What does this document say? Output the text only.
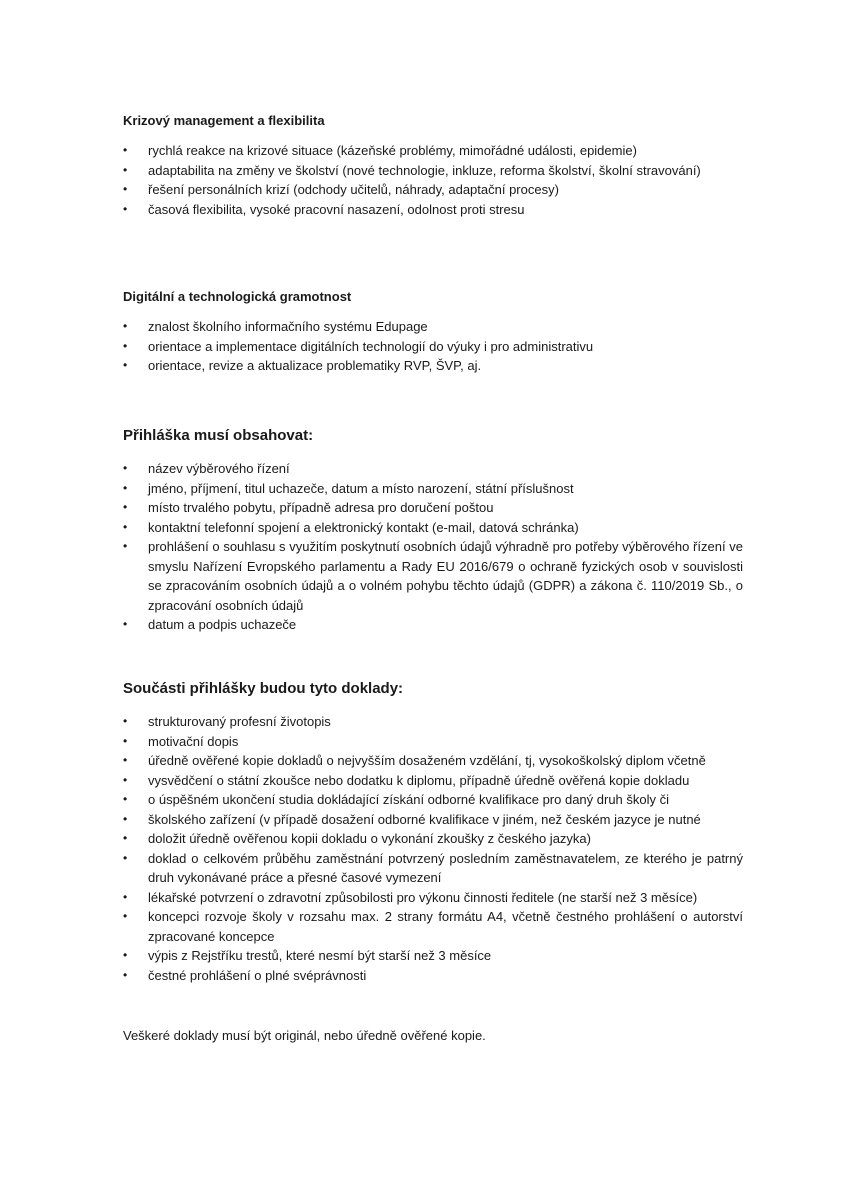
Krizový management a flexibilita
• rychlá reakce na krizové situace (kázeňské problémy, mimořádné události, epidemie)
• adaptabilita na změny ve školství (nové technologie, inkluze, reforma školství, školní stravování)
• řešení personálních krizí (odchody učitelů, náhrady, adaptační procesy)
• časová flexibilita, vysoké pracovní nasazení, odolnost proti stresu
Digitální a technologická gramotnost
• znalost školního informačního systému Edupage
• orientace a implementace digitálních technologií do výuky i pro administrativu
• orientace, revize a aktualizace problematiky RVP, ŠVP, aj.
Přihláška musí obsahovat:
• název výběrového řízení
• jméno, příjmení, titul uchazeče, datum a místo narození, státní příslušnost
• místo trvalého pobytu, případně adresa pro doručení poštou
• kontaktní telefonní spojení a elektronický kontakt (e-mail, datová schránka)
• prohlášení o souhlasu s využitím poskytnutí osobních údajů výhradně pro potřeby výběrového řízení ve smyslu Nařízení Evropského parlamentu a Rady EU 2016/679 o ochraně fyzických osob v souvislosti se zpracováním osobních údajů a o volném pohybu těchto údajů (GDPR) a zákona č. 110/2019 Sb., o zpracování osobních údajů
• datum a podpis uchazeče
Součásti přihlášky budou tyto doklady:
• strukturovaný profesní životopis
• motivační dopis
• úředně ověřené kopie dokladů o nejvyšším dosaženém vzdělání, tj, vysokoškolský diplom včetně
• vysvědčení o státní zkoušce nebo dodatku k diplomu, případně úředně ověřená kopie dokladu
• o úspěšném ukončení studia dokládající získání odborné kvalifikace pro daný druh školy či
• školského zařízení (v případě dosažení odborné kvalifikace v jiném, než českém jazyce je nutné
• doložit úředně ověřenou kopii dokladu o vykonání zkoušky z českého jazyka)
• doklad o celkovém průběhu zaměstnání potvrzený posledním zaměstnavatelem, ze kterého je patrný druh vykonávané práce a přesné časové vymezení
• lékařské potvrzení o zdravotní způsobilosti pro výkonu činnosti ředitele (ne starší než 3 měsíce)
• koncepci rozvoje školy v rozsahu max. 2 strany formátu A4, včetně čestného prohlášení o autorství zpracované koncepce
• výpis z Rejstříku trestů, které nesmí být starší než 3 měsíce
• čestné prohlášení o plné svéprávnosti
Veškeré doklady musí být originál, nebo úředně ověřené kopie.
